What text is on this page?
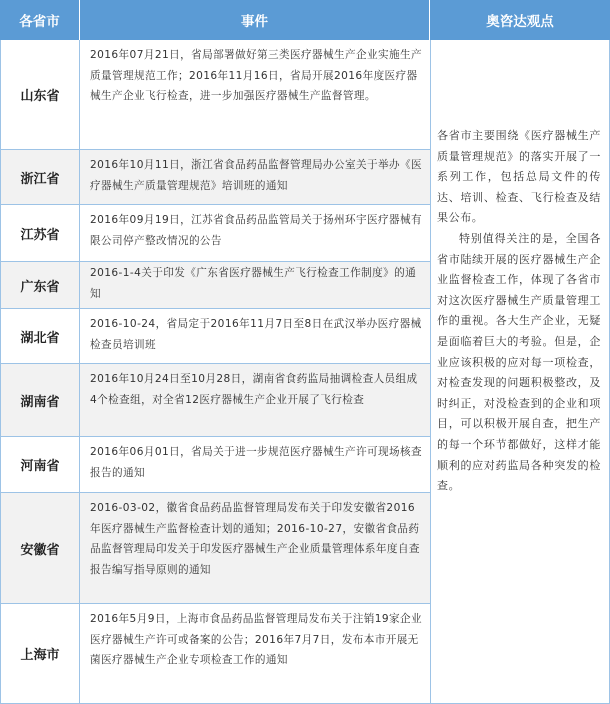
各省市	事件	奥咨达观点
山东省
2016年07月21日，省局部署做好第三类医疗器械生产企业实施生产质量管理规范工作；2016年11月16日，省局开展2016年度医疗器械生产企业飞行检查，进一步加强医疗器械生产监督管理。
浙江省
2016年10月11日，浙江省食品药品监督管理局办公室关于举办《医疗器械生产质量管理规范》培训班的通知
江苏省
2016年09月19日，江苏省食品药品监管局关于扬州环宇医疗器械有限公司停产整改情况的公告
广东省
2016-1-4关于印发《广东省医疗器械生产飞行检查工作制度》的通知
湖北省
2016-10-24，省局定于2016年11月7日至8日在武汉举办医疗器械检查员培训班
湖南省
2016年10月24日至10月28日，湖南省食药监局抽调检查人员组成4个检查组，对全省12医疗器械生产企业开展了飞行检查
河南省
2016年06月01日，省局关于进一步规范医疗器械生产许可现场核查报告的通知
安徽省
2016-03-02，徽省食品药品监督管理局发布关于印发安徽省2016年医疗器械生产监督检查计划的通知；2016-10-27，安徽省食品药品监督管理局印发关于印发医疗器械生产企业质量管理体系年度自查报告编写指导原则的通知
上海市
2016年5月9日，上海市食品药品监督管理局发布关于注销19家企业医疗器械生产许可或备案的公告；2016年7月7日，发布本市开展无菌医疗器械生产企业专项检查工作的通知

各省市主要围绕《医疗器械生产质量管理规范》的落实开展了一系列工作，包括总局文件的传达、培训、检查、飞行检查及结果公布。

特别值得关注的是，全国各省市陆续开展的医疗器械生产企业监督检查工作，体现了各省市对这次医疗器械生产质量管理工作的重视。各大生产企业，无疑是面临着巨大的考验。但是，企业应该积极的应对每一项检查，对检查发现的问题积极整改，及时纠正，对没检查到的企业和项目，可以积极开展自查，把生产的每一个环节都做好，这样才能顺利的应对药监局各种突发的检查。
